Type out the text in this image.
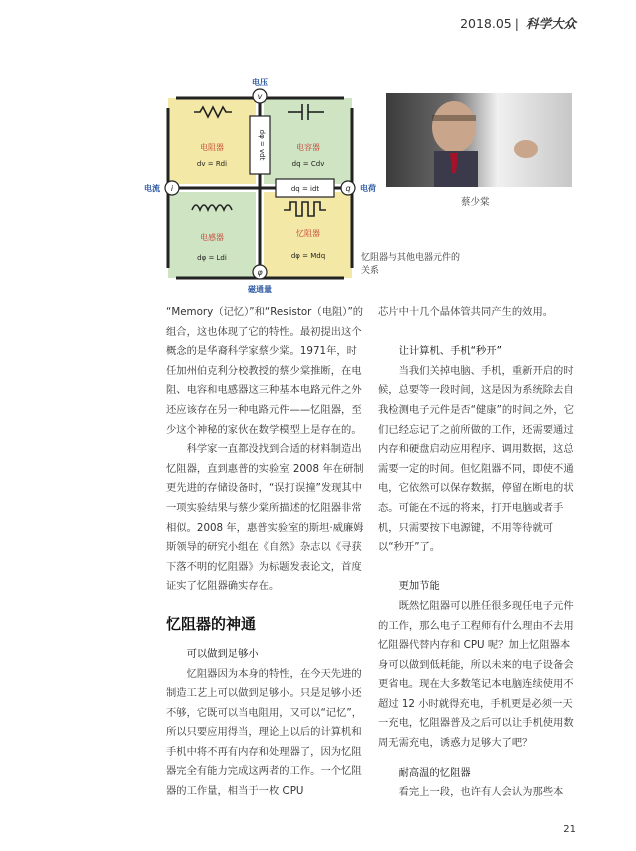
2018.05 | 科学大众
dφ = vdt
dq = idt
电阻器
dv = Rdi
电容器
dq = Cdv
电感器
dφ = Ldi
忆阻器
dφ = Mdq
v
i	q
φ
电压
电流	电荷
磁通量
蔡少棠
忆阻器与其他电器元件的关系

“Memory（记忆）”和“Resistor（电阻）”的组合，这也体现了它的特性。最初提出这个概念的是华裔科学家蔡少棠。1971年，时任加州伯克利分校教授的蔡少棠推断，在电阻、电容和电感器这三种基本电路元件之外还应该存在另一种电路元件——忆阻器，至少这个神秘的家伙在数学模型上是存在的。

科学家一直都没找到合适的材料制造出忆阻器，直到惠普的实验室 2008 年在研制更先进的存储设备时，“误打误撞”发现其中一项实验结果与蔡少棠所描述的忆阻器非常相似。2008 年，惠普实验室的斯坦·威廉姆斯领导的研究小组在《自然》杂志以《寻获下落不明的忆阻器》为标题发表论文，首度证实了忆阻器确实存在。

忆阻器的神通

可以做到足够小

忆阻器因为本身的特性，在今天先进的制造工艺上可以做到足够小。只是足够小还不够，它既可以当电阻用，又可以“记忆”，所以只要应用得当，理论上以后的计算机和手机中将不再有内存和处理器了，因为忆阻器完全有能力完成这两者的工作。一个忆阻器的工作量，相当于一枚 CPU

芯片中十几个晶体管共同产生的效用。

让计算机、手机“秒开”

当我们关掉电脑、手机，重新开启的时候，总要等一段时间，这是因为系统除去自我检测电子元件是否“健康”的时间之外，它们已经忘记了之前所做的工作，还需要通过内存和硬盘启动应用程序、调用数据，这总需要一定的时间。但忆阻器不同，即使不通电，它依然可以保存数据，停留在断电的状态。可能在不远的将来，打开电脑或者手机，只需要按下电源键，不用等待就可以“秒开”了。

更加节能

既然忆阻器可以胜任很多现任电子元件的工作，那么电子工程师有什么理由不去用忆阻器代替内存和 CPU 呢？加上忆阻器本身可以做到低耗能，所以未来的电子设备会更省电。现在大多数笔记本电脑连续使用不超过 12 小时就得充电，手机更是必须一天一充电，忆阻器普及之后可以让手机使用数周无需充电，诱惑力足够大了吧？

耐高温的忆阻器

看完上一段，也许有人会认为那些本

21
